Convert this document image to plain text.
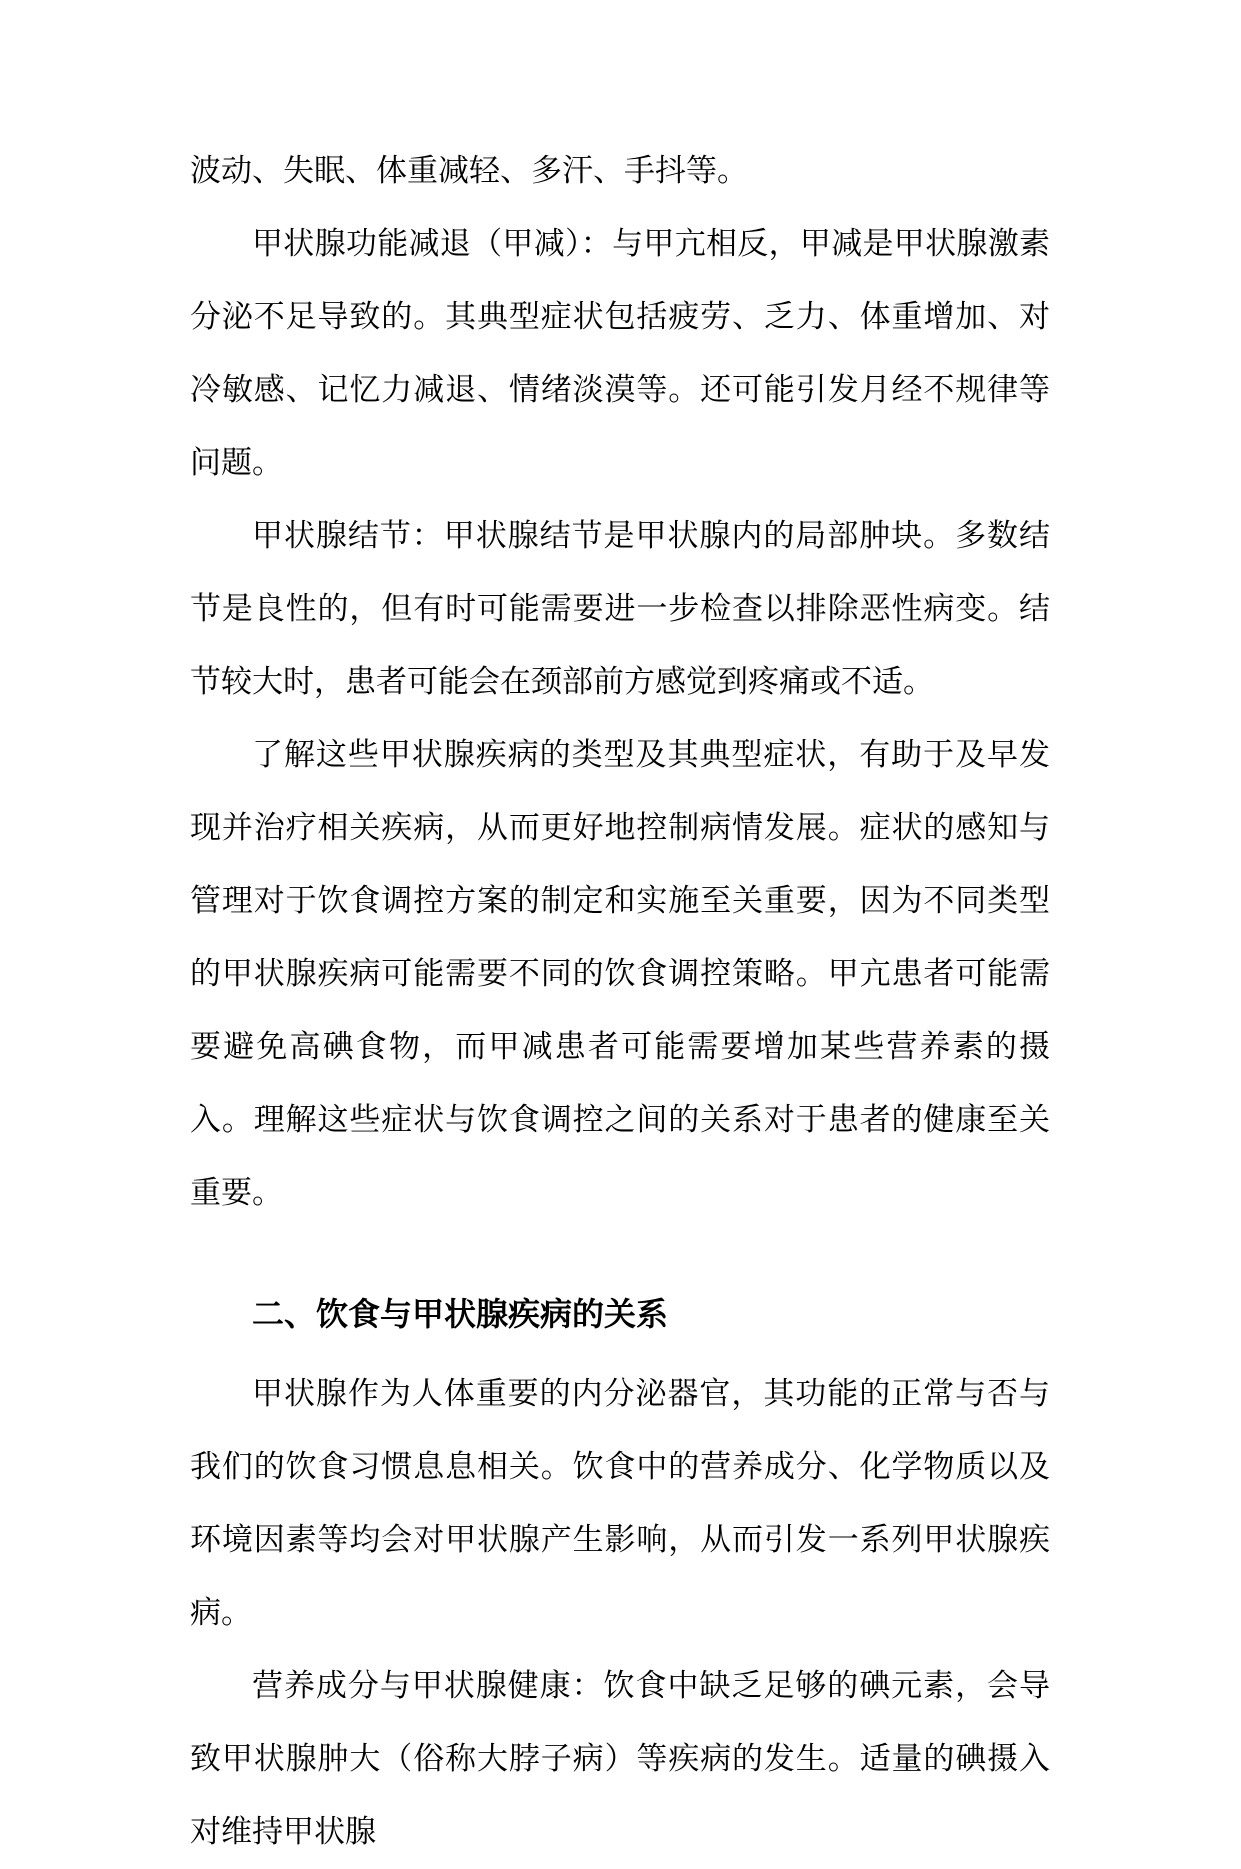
波动、失眠、体重减轻、多汗、手抖等。

甲状腺功能减退（甲减）：与甲亢相反，甲减是甲状腺激素分泌不足导致的。其典型症状包括疲劳、乏力、体重增加、对冷敏感、记忆力减退、情绪淡漠等。还可能引发月经不规律等问题。

甲状腺结节：甲状腺结节是甲状腺内的局部肿块。多数结节是良性的，但有时可能需要进一步检查以排除恶性病变。结节较大时，患者可能会在颈部前方感觉到疼痛或不适。

了解这些甲状腺疾病的类型及其典型症状，有助于及早发现并治疗相关疾病，从而更好地控制病情发展。症状的感知与管理对于饮食调控方案的制定和实施至关重要，因为不同类型的甲状腺疾病可能需要不同的饮食调控策略。甲亢患者可能需要避免高碘食物，而甲减患者可能需要增加某些营养素的摄入。理解这些症状与饮食调控之间的关系对于患者的健康至关重要。

二、饮食与甲状腺疾病的关系

甲状腺作为人体重要的内分泌器官，其功能的正常与否与我们的饮食习惯息息相关。饮食中的营养成分、化学物质以及环境因素等均会对甲状腺产生影响，从而引发一系列甲状腺疾病。

营养成分与甲状腺健康：饮食中缺乏足够的碘元素，会导致甲状腺肿大（俗称大脖子病）等疾病的发生。适量的碘摄入对维持甲状腺
